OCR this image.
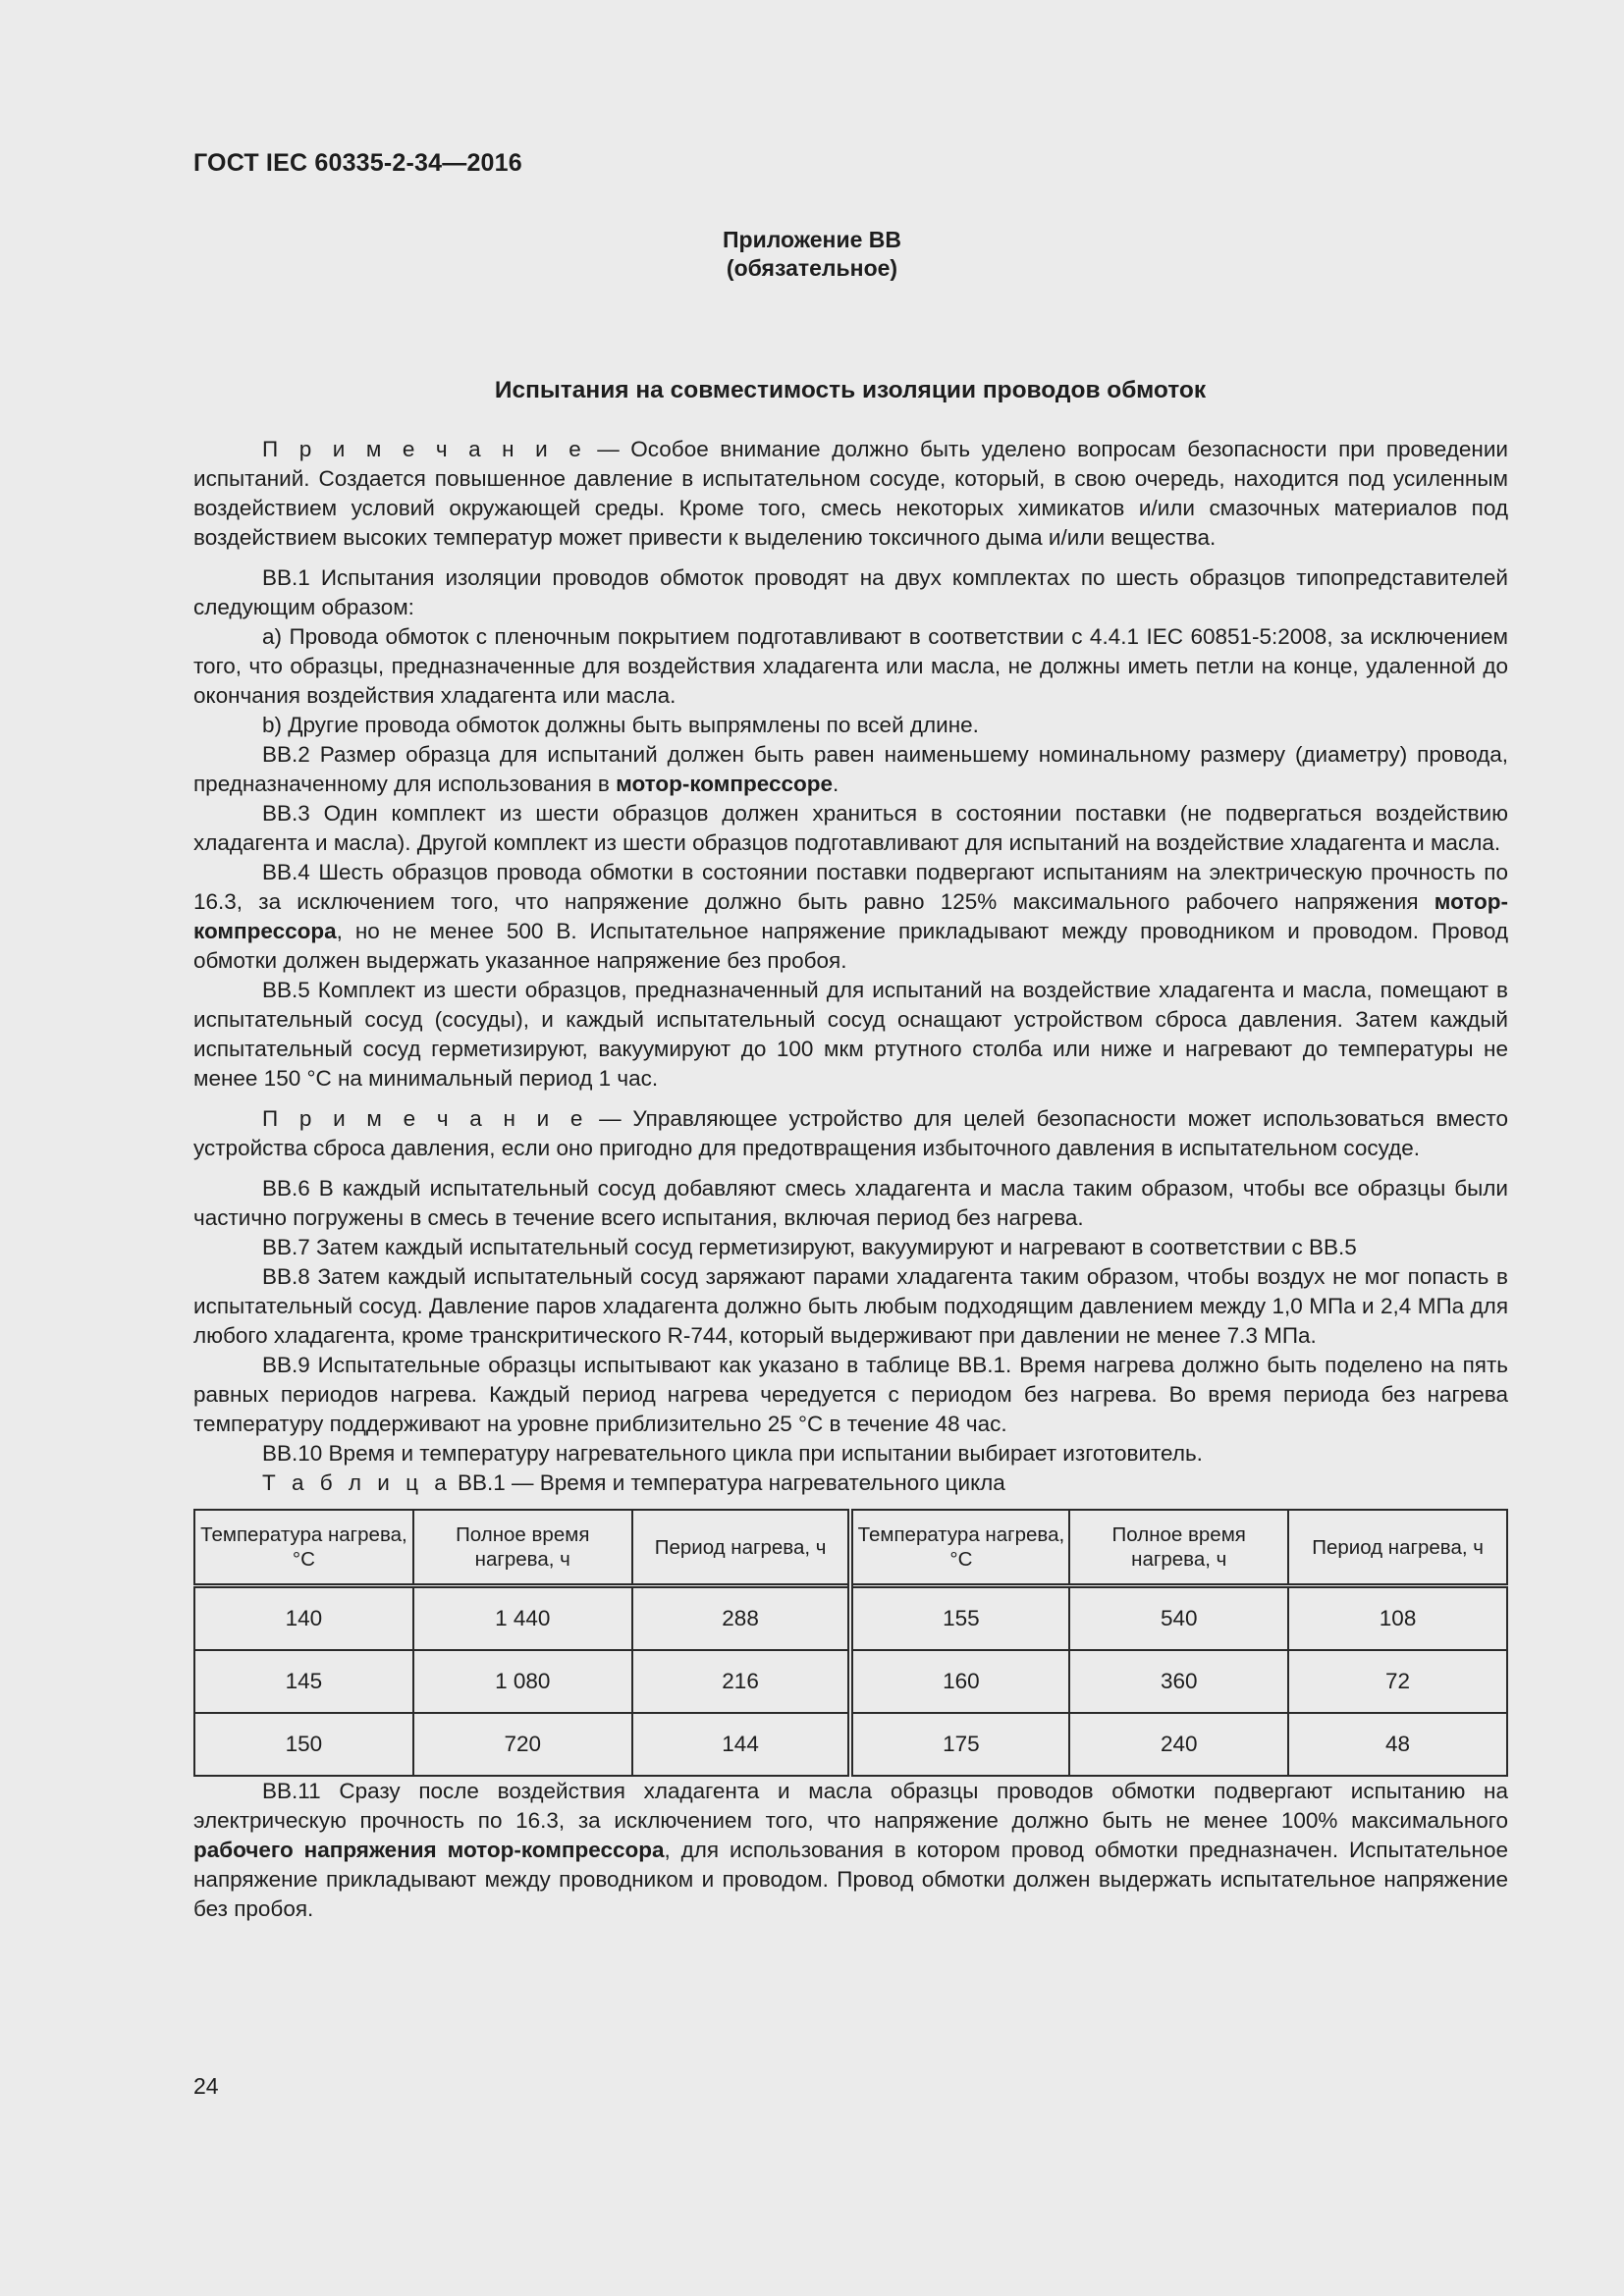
ГОСТ IEC 60335-2-34—2016
Приложение ВВ
(обязательное)
Испытания на совместимость изоляции проводов обмоток

П р и м е ч а н и е — Особое внимание должно быть уделено вопросам безопасности при проведении испытаний. Создается повышенное давление в испытательном сосуде, который, в свою очередь, находится под усиленным воздействием условий окружающей среды. Кроме того, смесь некоторых химикатов и/или смазочных материалов под воздействием высоких температур может привести к выделению токсичного дыма и/или вещества.

ВВ.1 Испытания изоляции проводов обмоток проводят на двух комплектах по шесть образцов типопредставителей следующим образом:

a) Провода обмоток с пленочным покрытием подготавливают в соответствии с 4.4.1 IEC 60851-5:2008, за исключением того, что образцы, предназначенные для воздействия хладагента или масла, не должны иметь петли на конце, удаленной до окончания воздействия хладагента или масла.

b) Другие провода обмоток должны быть выпрямлены по всей длине.

ВВ.2 Размер образца для испытаний должен быть равен наименьшему номинальному размеру (диаметру) провода, предназначенному для использования в мотор-компрессоре.

ВВ.3 Один комплект из шести образцов должен храниться в состоянии поставки (не подвергаться воздействию хладагента и масла). Другой комплект из шести образцов подготавливают для испытаний на воздействие хладагента и масла.

ВВ.4 Шесть образцов провода обмотки в состоянии поставки подвергают испытаниям на электрическую прочность по 16.3, за исключением того, что напряжение должно быть равно 125% максимального рабочего напряжения мотор-компрессора, но не менее 500 В. Испытательное напряжение прикладывают между проводником и проводом. Провод обмотки должен выдержать указанное напряжение без пробоя.

ВВ.5 Комплект из шести образцов, предназначенный для испытаний на воздействие хладагента и масла, помещают в испытательный сосуд (сосуды), и каждый испытательный сосуд оснащают устройством сброса давления. Затем каждый испытательный сосуд герметизируют, вакуумируют до 100 мкм ртутного столба или ниже и нагревают до температуры не менее 150 °С на минимальный период 1 час.

П р и м е ч а н и е — Управляющее устройство для целей безопасности может использоваться вместо устройства сброса давления, если оно пригодно для предотвращения избыточного давления в испытательном сосуде.

ВВ.6 В каждый испытательный сосуд добавляют смесь хладагента и масла таким образом, чтобы все образцы были частично погружены в смесь в течение всего испытания, включая период без нагрева.

ВВ.7 Затем каждый испытательный сосуд герметизируют, вакуумируют и нагревают в соответствии с ВВ.5

ВВ.8 Затем каждый испытательный сосуд заряжают парами хладагента таким образом, чтобы воздух не мог попасть в испытательный сосуд. Давление паров хладагента должно быть любым подходящим давлением между 1,0 МПа и 2,4 МПа для любого хладагента, кроме транскритического R-744, который выдерживают при давлении не менее 7.3 МПа.

ВВ.9 Испытательные образцы испытывают как указано в таблице ВВ.1. Время нагрева должно быть поделено на пять равных периодов нагрева. Каждый период нагрева чередуется с периодом без нагрева. Во время периода без нагрева температуру поддерживают на уровне приблизительно 25 °С в течение 48 час.

ВВ.10 Время и температуру нагревательного цикла при испытании выбирает изготовитель.

Т а б л и ц а ВВ.1 — Время и температура нагревательного цикла

Температура нагрева, °С	Полное время нагрева, ч	Период нагрева, ч	Температура нагрева, °С	Полное время нагрева, ч	Период нагрева, ч
140	1 440	288	155	540	108
145	1 080	216	160	360	72
150	720	144	175	240	48

ВВ.11 Сразу после воздействия хладагента и масла образцы проводов обмотки подвергают испытанию на электрическую прочность по 16.3, за исключением того, что напряжение должно быть не менее 100% максимального рабочего напряжения мотор-компрессора, для использования в котором провод обмотки предназначен. Испытательное напряжение прикладывают между проводником и проводом. Провод обмотки должен выдержать испытательное напряжение без пробоя.

24
